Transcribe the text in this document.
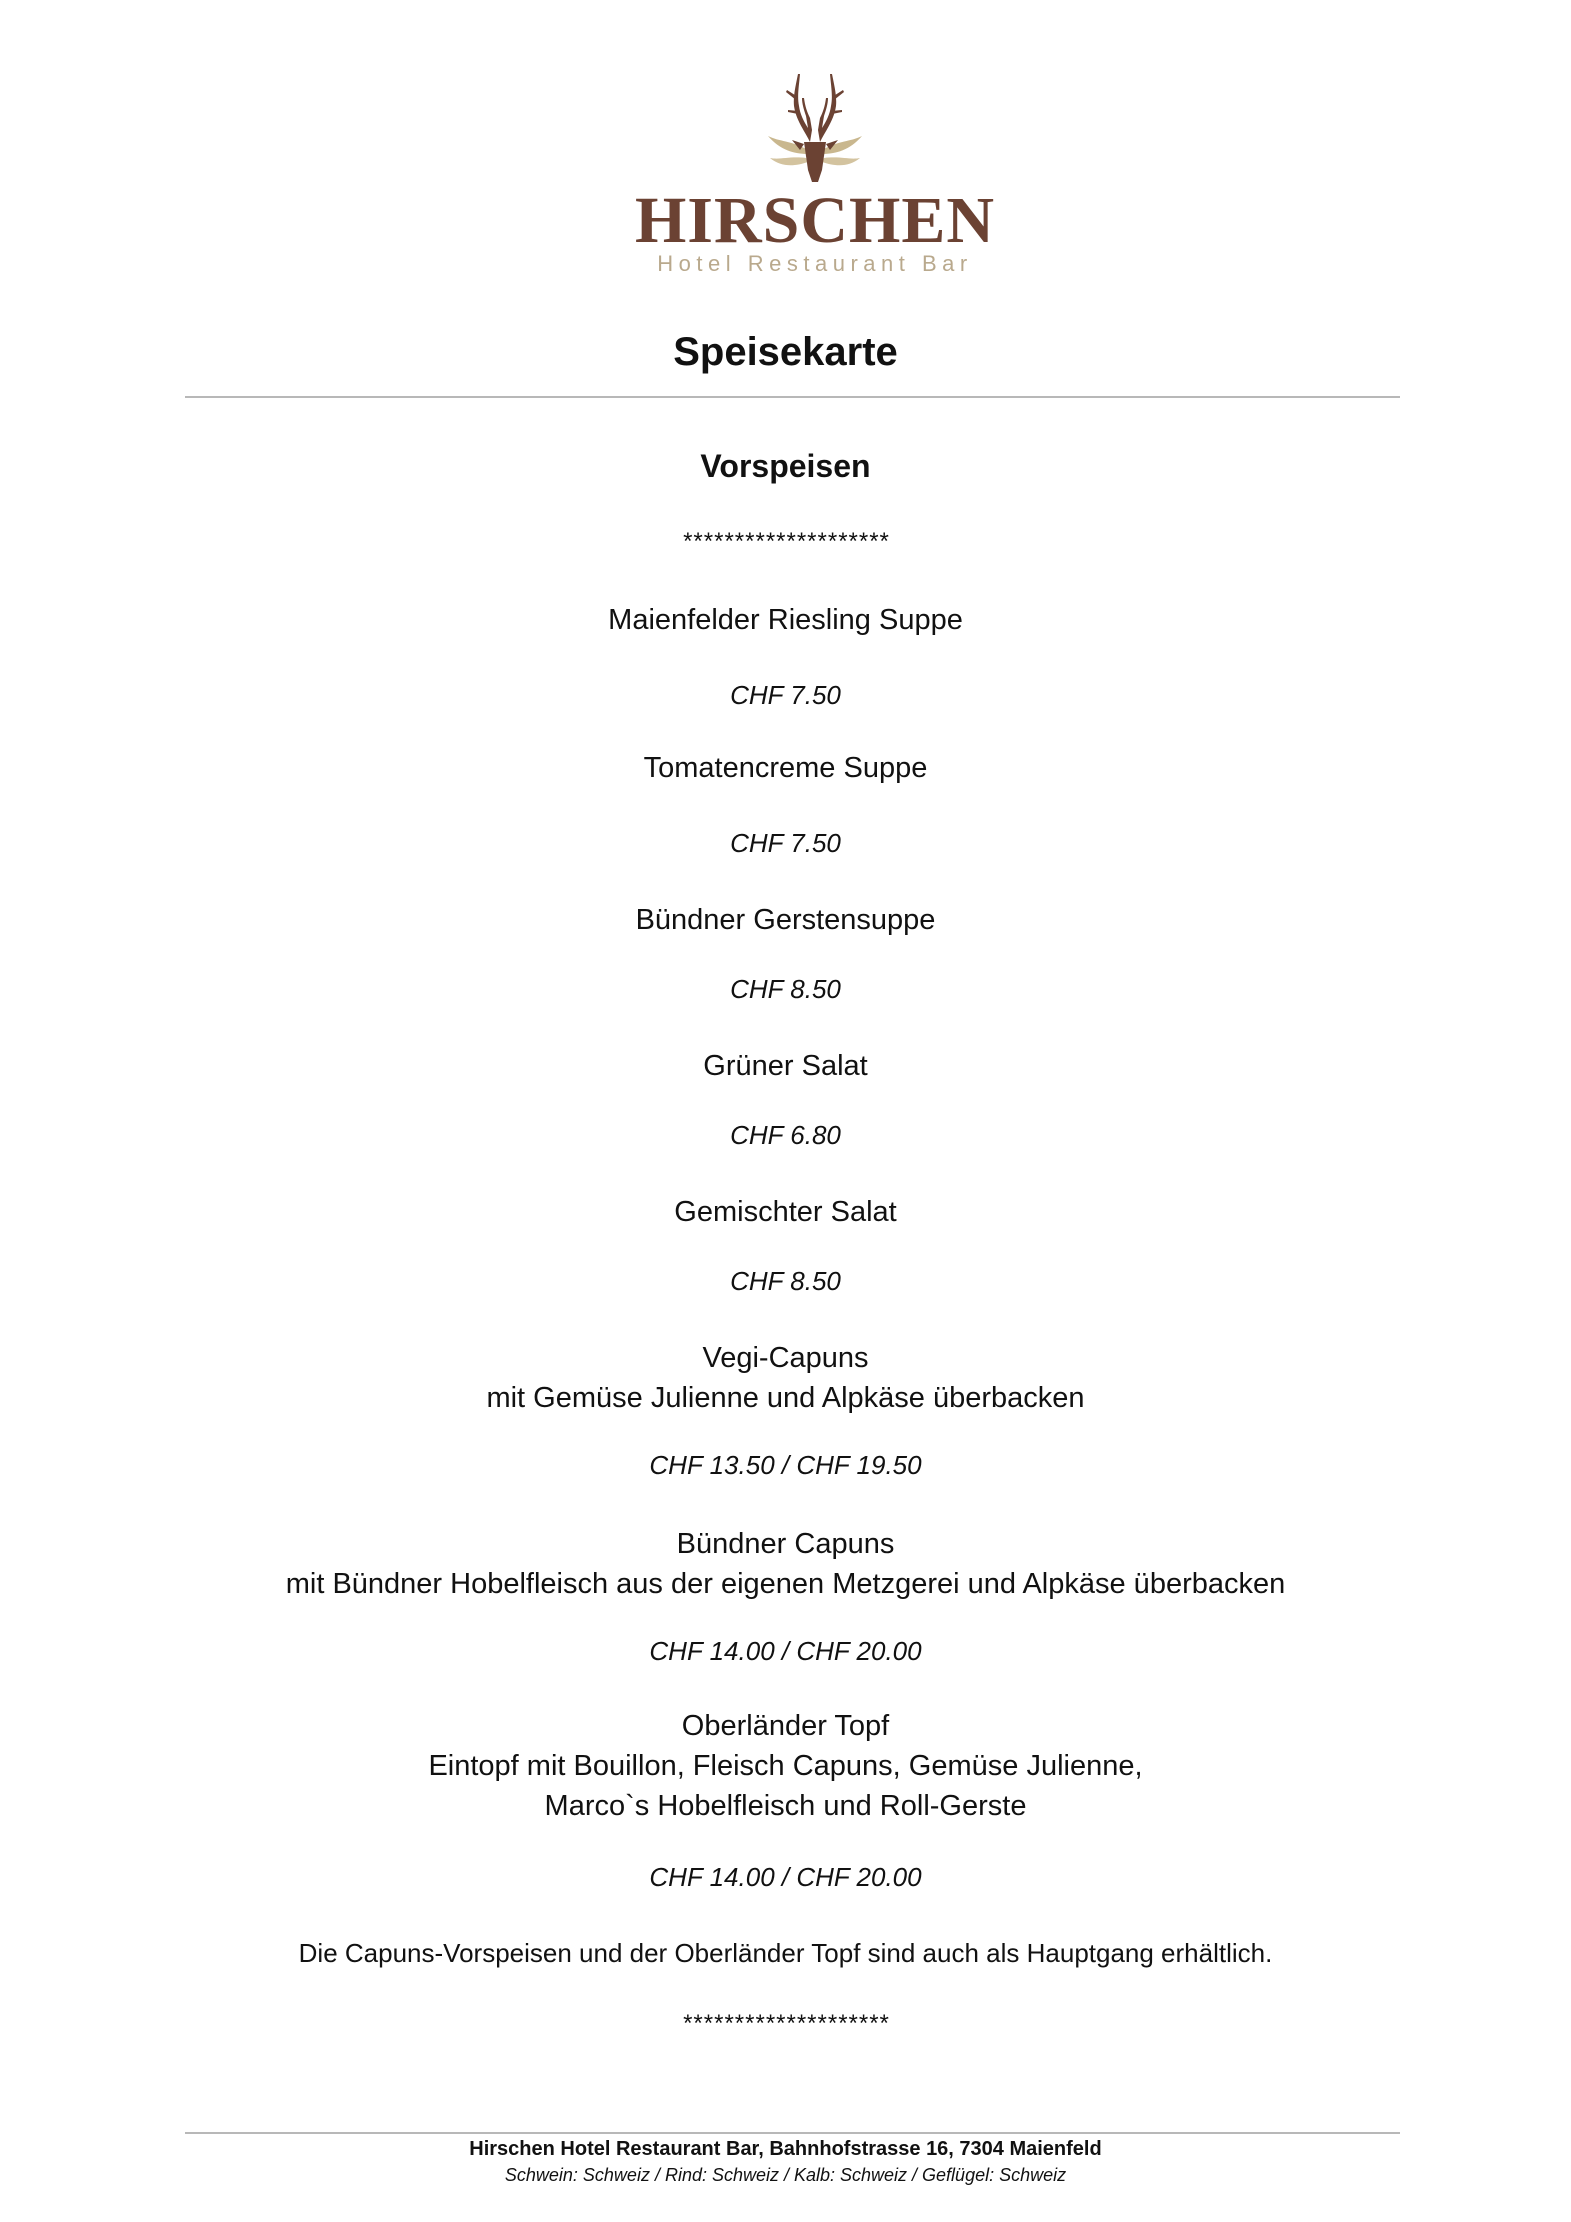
HIRSCHEN
Hotel Restaurant Bar
Speisekarte
Vorspeisen
********************
Maienfelder Riesling Suppe
CHF 7.50
Tomatencreme Suppe
CHF 7.50
Bündner Gerstensuppe
CHF 8.50
Grüner Salat
CHF 6.80
Gemischter Salat
CHF 8.50
Vegi-Capuns
mit Gemüse Julienne und Alpkäse überbacken
CHF 13.50 / CHF 19.50
Bündner Capuns
mit Bündner Hobelfleisch aus der eigenen Metzgerei und Alpkäse überbacken
CHF 14.00 / CHF 20.00
Oberländer Topf
Eintopf mit Bouillon, Fleisch Capuns, Gemüse Julienne,
Marco`s Hobelfleisch und Roll-Gerste
CHF 14.00 / CHF 20.00
Die Capuns-Vorspeisen und der Oberländer Topf sind auch als Hauptgang erhältlich.
********************
Hirschen Hotel Restaurant Bar, Bahnhofstrasse 16, 7304 Maienfeld
Schwein: Schweiz / Rind: Schweiz / Kalb: Schweiz / Geflügel: Schweiz
